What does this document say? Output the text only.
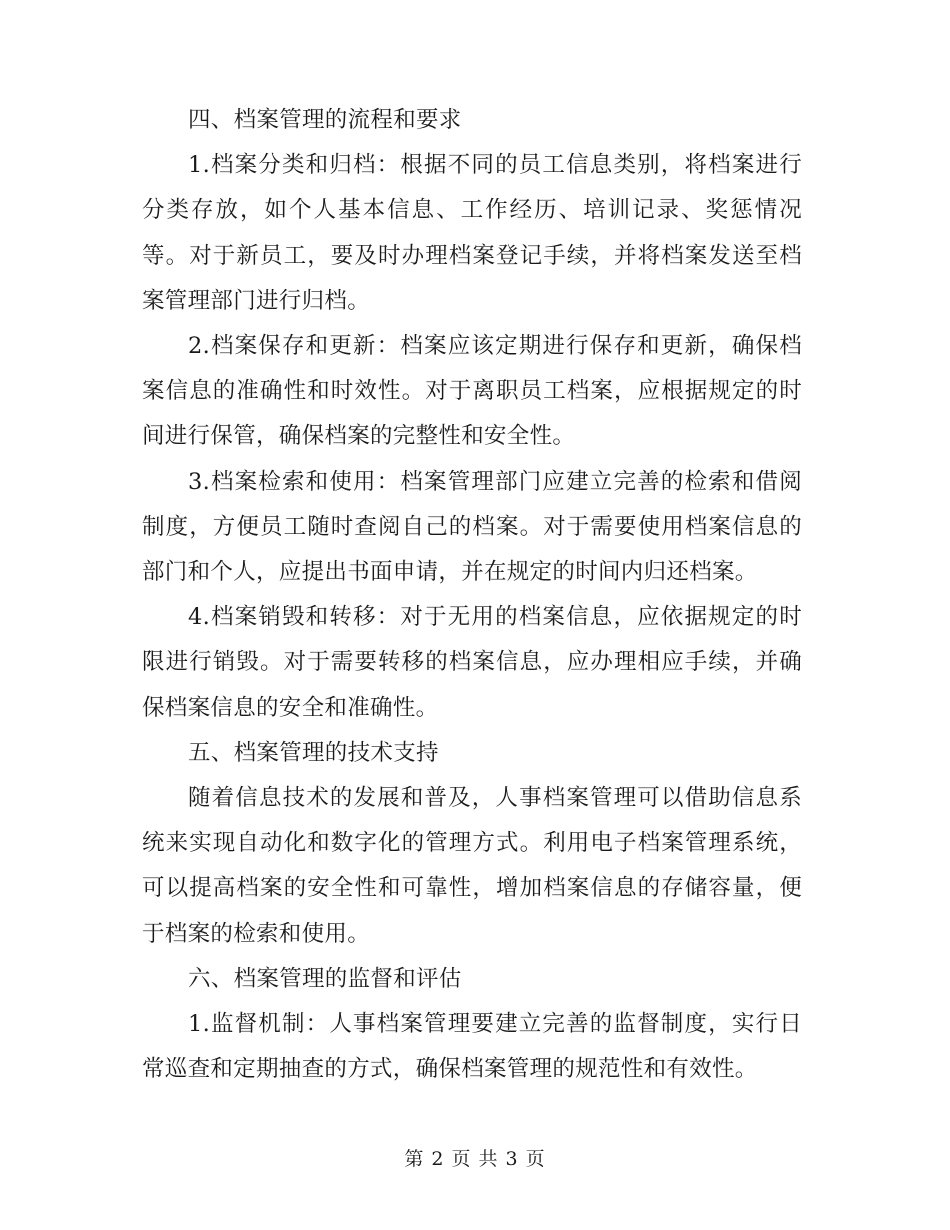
四、档案管理的流程和要求

1.档案分类和归档：根据不同的员工信息类别，将档案进行分类存放，如个人基本信息、工作经历、培训记录、奖惩情况等。对于新员工，要及时办理档案登记手续，并将档案发送至档案管理部门进行归档。

2.档案保存和更新：档案应该定期进行保存和更新，确保档案信息的准确性和时效性。对于离职员工档案，应根据规定的时间进行保管，确保档案的完整性和安全性。

3.档案检索和使用：档案管理部门应建立完善的检索和借阅制度，方便员工随时查阅自己的档案。对于需要使用档案信息的部门和个人，应提出书面申请，并在规定的时间内归还档案。

4.档案销毁和转移：对于无用的档案信息，应依据规定的时限进行销毁。对于需要转移的档案信息，应办理相应手续，并确保档案信息的安全和准确性。

五、档案管理的技术支持

随着信息技术的发展和普及，人事档案管理可以借助信息系统来实现自动化和数字化的管理方式。利用电子档案管理系统，可以提高档案的安全性和可靠性，增加档案信息的存储容量，便于档案的检索和使用。

六、档案管理的监督和评估

1.监督机制：人事档案管理要建立完善的监督制度，实行日常巡查和定期抽查的方式，确保档案管理的规范性和有效性。

第 2 页 共 3 页
